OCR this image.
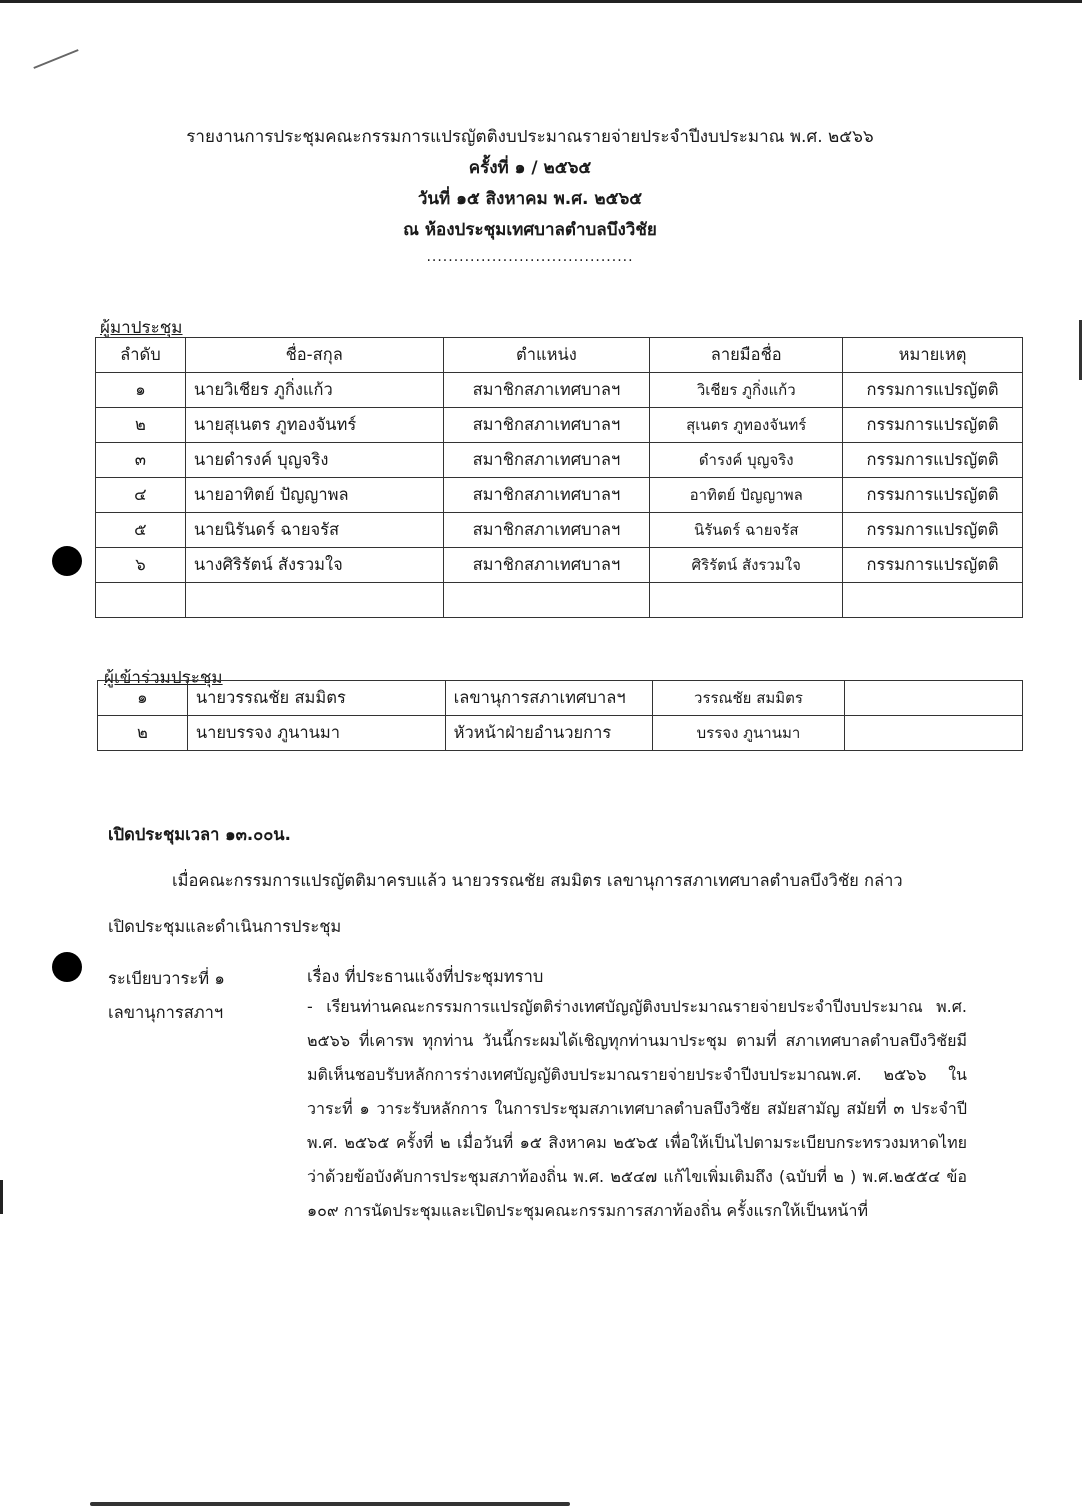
รายงานการประชุมคณะกรรมการแปรญัตติงบประมาณรายจ่ายประจำปีงบประมาณ พ.ศ. ๒๕๖๖
ครั้งที่ ๑ / ๒๕๖๕
วันที่ ๑๕ สิงหาคม พ.ศ. ๒๕๖๕
ณ ห้องประชุมเทศบาลตำบลบึงวิชัย
......................................
ผู้มาประชุม
ลำดับ	ชื่อ-สกุล	ตำแหน่ง	ลายมือชื่อ	หมายเหตุ
๑	นายวิเชียร ภูกิ่งแก้ว	สมาชิกสภาเทศบาลฯ	วิเชียร ภูกิ่งแก้ว	กรรมการแปรญัตติ
๒	นายสุเนตร ภูทองจันทร์	สมาชิกสภาเทศบาลฯ	สุเนตร ภูทองจันทร์	กรรมการแปรญัตติ
๓	นายดำรงค์ บุญจริง	สมาชิกสภาเทศบาลฯ	ดำรงค์ บุญจริง	กรรมการแปรญัตติ
๔	นายอาทิตย์ ปัญญาพล	สมาชิกสภาเทศบาลฯ	อาทิตย์ ปัญญาพล	กรรมการแปรญัตติ
๕	นายนิรันดร์ ฉายจรัส	สมาชิกสภาเทศบาลฯ	นิรันดร์ ฉายจรัส	กรรมการแปรญัตติ
๖	นางศิริรัตน์ สังรวมใจ	สมาชิกสภาเทศบาลฯ	ศิริรัตน์ สังรวมใจ	กรรมการแปรญัตติ

ผู้เข้าร่วมประชุม
๑	นายวรรณชัย สมมิตร	เลขานุการสภาเทศบาลฯ	วรรณชัย สมมิตร	
๒	นายบรรจง ภูนานมา	หัวหน้าฝ่ายอำนวยการ	บรรจง ภูนานมา	
เปิดประชุมเวลา ๑๓.๐๐น.
เมื่อคณะกรรมการแปรญัตติมาครบแล้ว นายวรรณชัย สมมิตร เลขานุการสภาเทศบาลตำบลบึงวิชัย กล่าว
เปิดประชุมและดำเนินการประชุม
ระเบียบวาระที่ ๑
เลขานุการสภาฯ
เรื่อง ที่ประธานแจ้งที่ประชุมทราบ
- เรียนท่านคณะกรรมการแปรญัตติร่างเทศบัญญัติงบประมาณรายจ่ายประจำปีงบประมาณ พ.ศ. ๒๕๖๖ ที่เคารพ ทุกท่าน วันนี้กระผมได้เชิญทุกท่านมาประชุม ตามที่ สภาเทศบาลตำบลบึงวิชัยมีมติเห็นชอบรับหลักการร่างเทศบัญญัติงบประมาณรายจ่ายประจำปีงบประมาณพ.ศ. ๒๕๖๖ ในวาระที่ ๑ วาระรับหลักการ ในการประชุมสภาเทศบาลตำบลบึงวิชัย สมัยสามัญ สมัยที่ ๓ ประจำปี พ.ศ. ๒๕๖๕ ครั้งที่ ๒ เมื่อวันที่ ๑๕ สิงหาคม ๒๕๖๕ เพื่อให้เป็นไปตามระเบียบกระทรวงมหาดไทย ว่าด้วยข้อบังคับการประชุมสภาท้องถิ่น พ.ศ. ๒๕๔๗ แก้ไขเพิ่มเติมถึง (ฉบับที่ ๒ ) พ.ศ.๒๕๕๔ ข้อ ๑๐๙ การนัดประชุมและเปิดประชุมคณะกรรมการสภาท้องถิ่น ครั้งแรกให้เป็นหน้าที่
